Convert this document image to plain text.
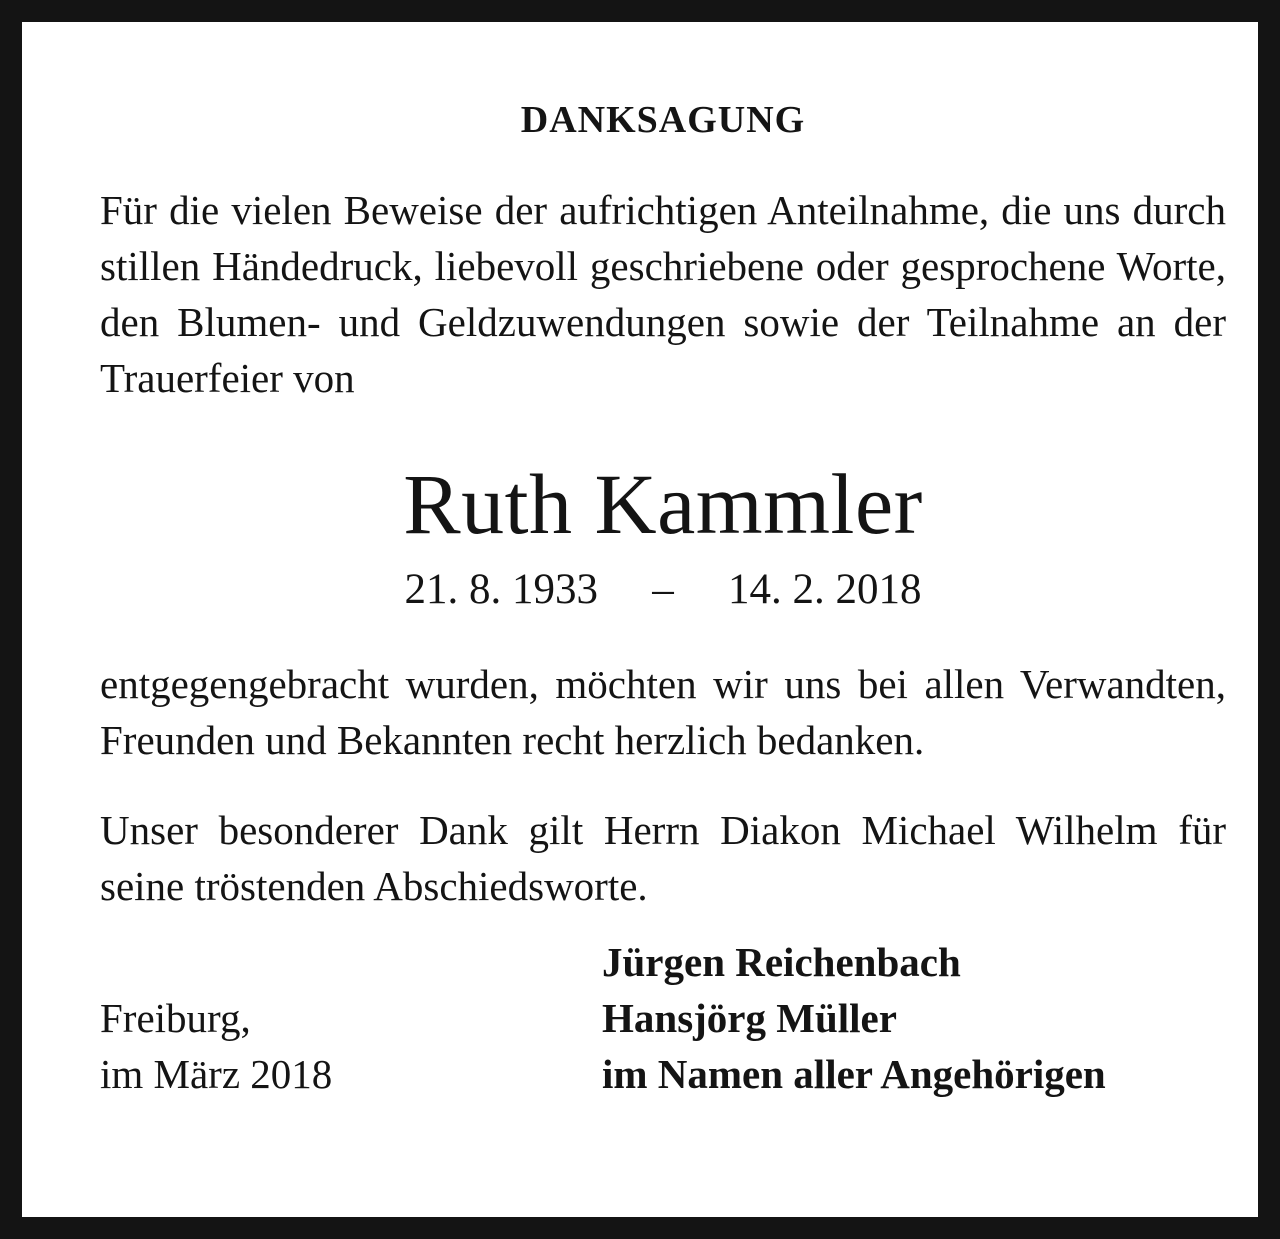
DANKSAGUNG

Für die vielen Beweise der aufrichtigen Anteilnahme, die uns durch stillen Händedruck, liebevoll geschriebene oder gesprochene Worte, den Blumen- und Geldzuwendungen sowie der Teilnahme an der Trauerfeier von

Ruth Kammler
21. 8. 1933 – 14. 2. 2018

entgegengebracht wurden, möchten wir uns bei allen Verwandten, Freunden und Bekannten recht herzlich bedanken.

Unser besonderer Dank gilt Herrn Diakon Michael Wilhelm für seine tröstenden Abschiedsworte.

Freiburg,
im März 2018
Jürgen Reichenbach
Hansjörg Müller
im Namen aller Angehörigen
